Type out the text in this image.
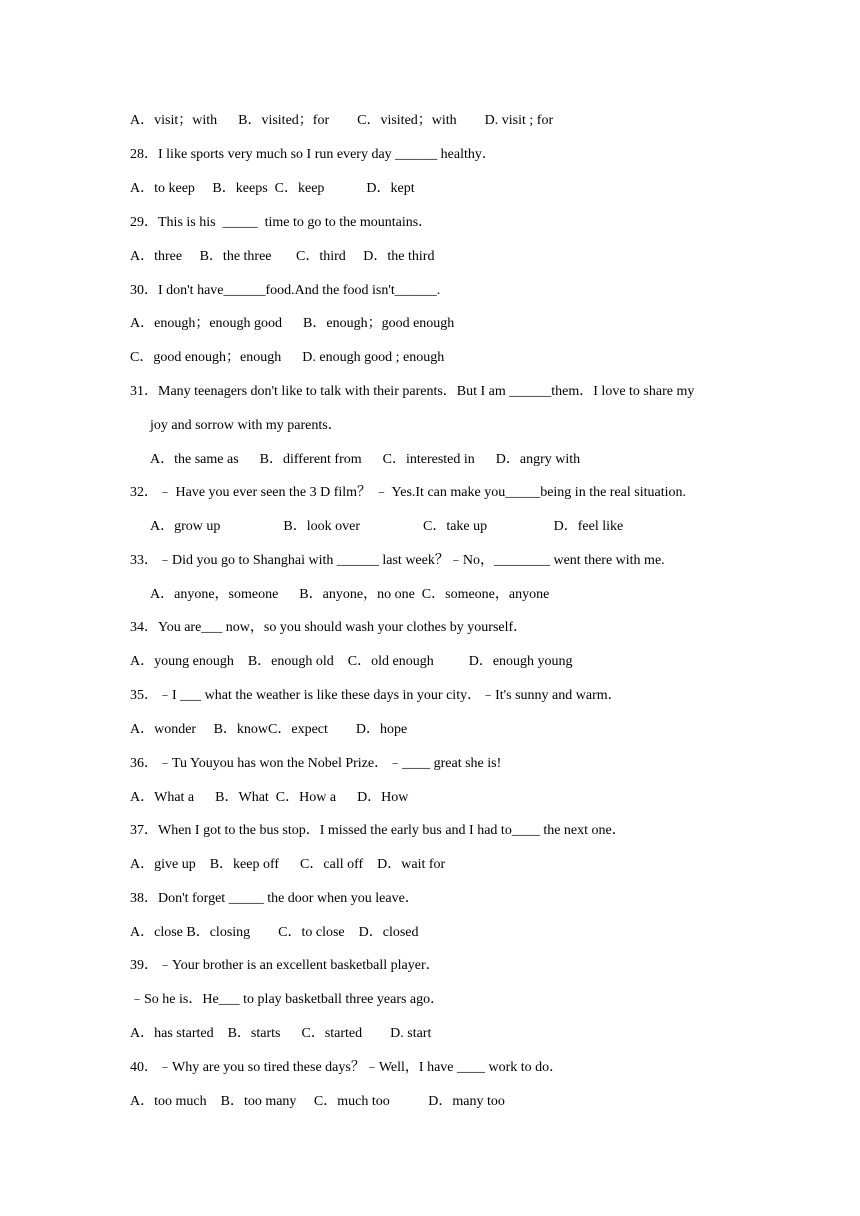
A．visit；with      B．visited；for        C．visited；with        D. visit ; for
28．I like sports very much so I run every day ______ healthy．
A．to keep     B．keeps  C．keep            D．kept
29．This is his  _____  time to go to the mountains．
A．three     B．the three       C．third     D．the third
30．I don't have______food.And the food isn't______.
A．enough；enough good      B．enough；good enough
C．good enough；enough      D. enough good ; enough
31．Many teenagers don't like to talk with their parents．But I am ______them．I love to share my
joy and sorrow with my parents．
A．the same as      B．different from      C．interested in      D．angry with
32．﹣ Have you ever seen the 3 D film？ ﹣ Yes.It can make you_____being in the real situation.
A．grow up                  B．look over                  C．take up                   D．feel like
33．﹣Did you go to Shanghai with ______ last week？﹣No，________ went there with me.
A．anyone，someone      B．anyone，no one  C．someone，anyone
34．You are___ now，so you should wash your clothes by yourself．
A．young enough    B．enough old    C．old enough          D．enough young
35．﹣I ___ what the weather is like these days in your city．﹣It's sunny and warm．
A．wonder     B．knowC．expect        D．hope
36．﹣Tu Youyou has won the Nobel Prize．﹣____ great she is!
A．What a      B．What  C．How a      D．How
37．When I got to the bus stop．I missed the early bus and I had to____ the next one．
A．give up    B．keep off      C．call off    D．wait for
38．Don't forget _____ the door when you leave．
A．close B．closing        C．to close    D．closed
39．﹣Your brother is an excellent basketball player．
﹣So he is．He___ to play basketball three years ago．
A．has started    B．starts      C．started        D. start
40．﹣Why are you so tired these days？﹣Well，I have ____ work to do．
A．too much    B．too many     C．much too           D．many too
